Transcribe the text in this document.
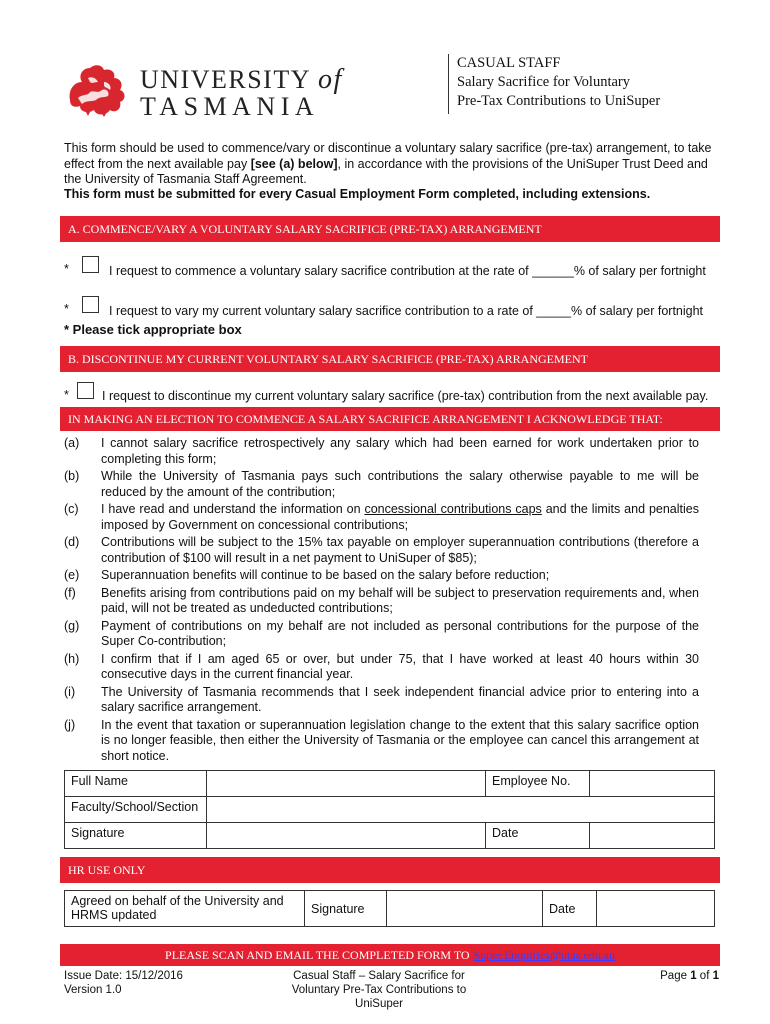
UNIVERSITY of
TASMANIA
CASUAL STAFF
Salary Sacrifice for Voluntary
Pre-Tax Contributions to UniSuper
This form should be used to commence/vary or discontinue a voluntary salary sacrifice (pre-tax) arrangement, to take effect from the next available pay [see (a) below], in accordance with the provisions of the UniSuper Trust Deed and the University of Tasmania Staff Agreement.
This form must be submitted for every Casual Employment Form completed, including extensions.
A. COMMENCE/VARY A VOLUNTARY SALARY SACRIFICE (PRE-TAX) ARRANGEMENT
*	I request to commence a voluntary salary sacrifice contribution at the rate of ______% of salary per fortnight
*	I request to vary my current voluntary salary sacrifice contribution to a rate of _____% of salary per fortnight
* Please tick appropriate box
B. DISCONTINUE MY CURRENT VOLUNTARY SALARY SACRIFICE (PRE-TAX) ARRANGEMENT
*	I request to discontinue my current voluntary salary sacrifice (pre-tax) contribution from the next available pay.
IN MAKING AN ELECTION TO COMMENCE A SALARY SACRIFICE ARRANGEMENT I ACKNOWLEDGE THAT:
(a) I cannot salary sacrifice retrospectively any salary which had been earned for work undertaken prior to completing this form;
(b) While the University of Tasmania pays such contributions the salary otherwise payable to me will be reduced by the amount of the contribution;
(c) I have read and understand the information on concessional contributions caps and the limits and penalties imposed by Government on concessional contributions;
(d) Contributions will be subject to the 15% tax payable on employer superannuation contributions (therefore a contribution of $100 will result in a net payment to UniSuper of $85);
(e) Superannuation benefits will continue to be based on the salary before reduction;
(f) Benefits arising from contributions paid on my behalf will be subject to preservation requirements and, when paid, will not be treated as undeducted contributions;
(g) Payment of contributions on my behalf are not included as personal contributions for the purpose of the Super Co-contribution;
(h) I confirm that if I am aged 65 or over, but under 75, that I have worked at least 40 hours within 30 consecutive days in the current financial year.
(i) The University of Tasmania recommends that I seek independent financial advice prior to entering into a salary sacrifice arrangement.
(j) In the event that taxation or superannuation legislation change to the extent that this salary sacrifice option is no longer feasible, then either the University of Tasmania or the employee can cancel this arrangement at short notice.
Full Name		Employee No.	
Faculty/School/Section			
Signature		Date	
HR USE ONLY
Agreed on behalf of the University and HRMS updated	Signature		Date	
PLEASE SCAN AND EMAIL THE COMPLETED FORM TO Super.Enquiries@utas.edu.au
Issue Date: 15/12/2016
Version 1.0
Casual Staff – Salary Sacrifice for Voluntary Pre-Tax Contributions to UniSuper
Page 1 of 1
